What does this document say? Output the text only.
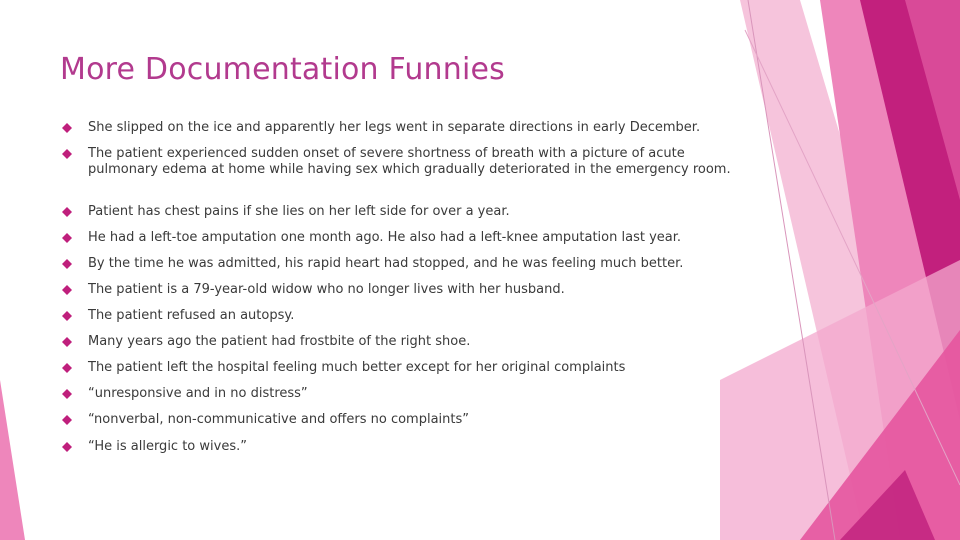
More Documentation Funnies
She slipped on the ice and apparently her legs went in separate directions in early December.
The patient experienced sudden onset of severe shortness of breath with a picture of acute pulmonary edema at home while having sex which gradually deteriorated in the emergency room.
Patient has chest pains if she lies on her left side for over a year.
He had a left-toe amputation one month ago. He also had a left-knee amputation last year.
By the time he was admitted, his rapid heart had stopped, and he was feeling much better.
The patient is a 79-year-old widow who no longer lives with her husband.
The patient refused an autopsy.
Many years ago the patient had frostbite of the right shoe.
The patient left the hospital feeling much better except for her original complaints
“unresponsive and in no distress”
“nonverbal, non-communicative and offers no complaints”
“He is allergic to wives.”
